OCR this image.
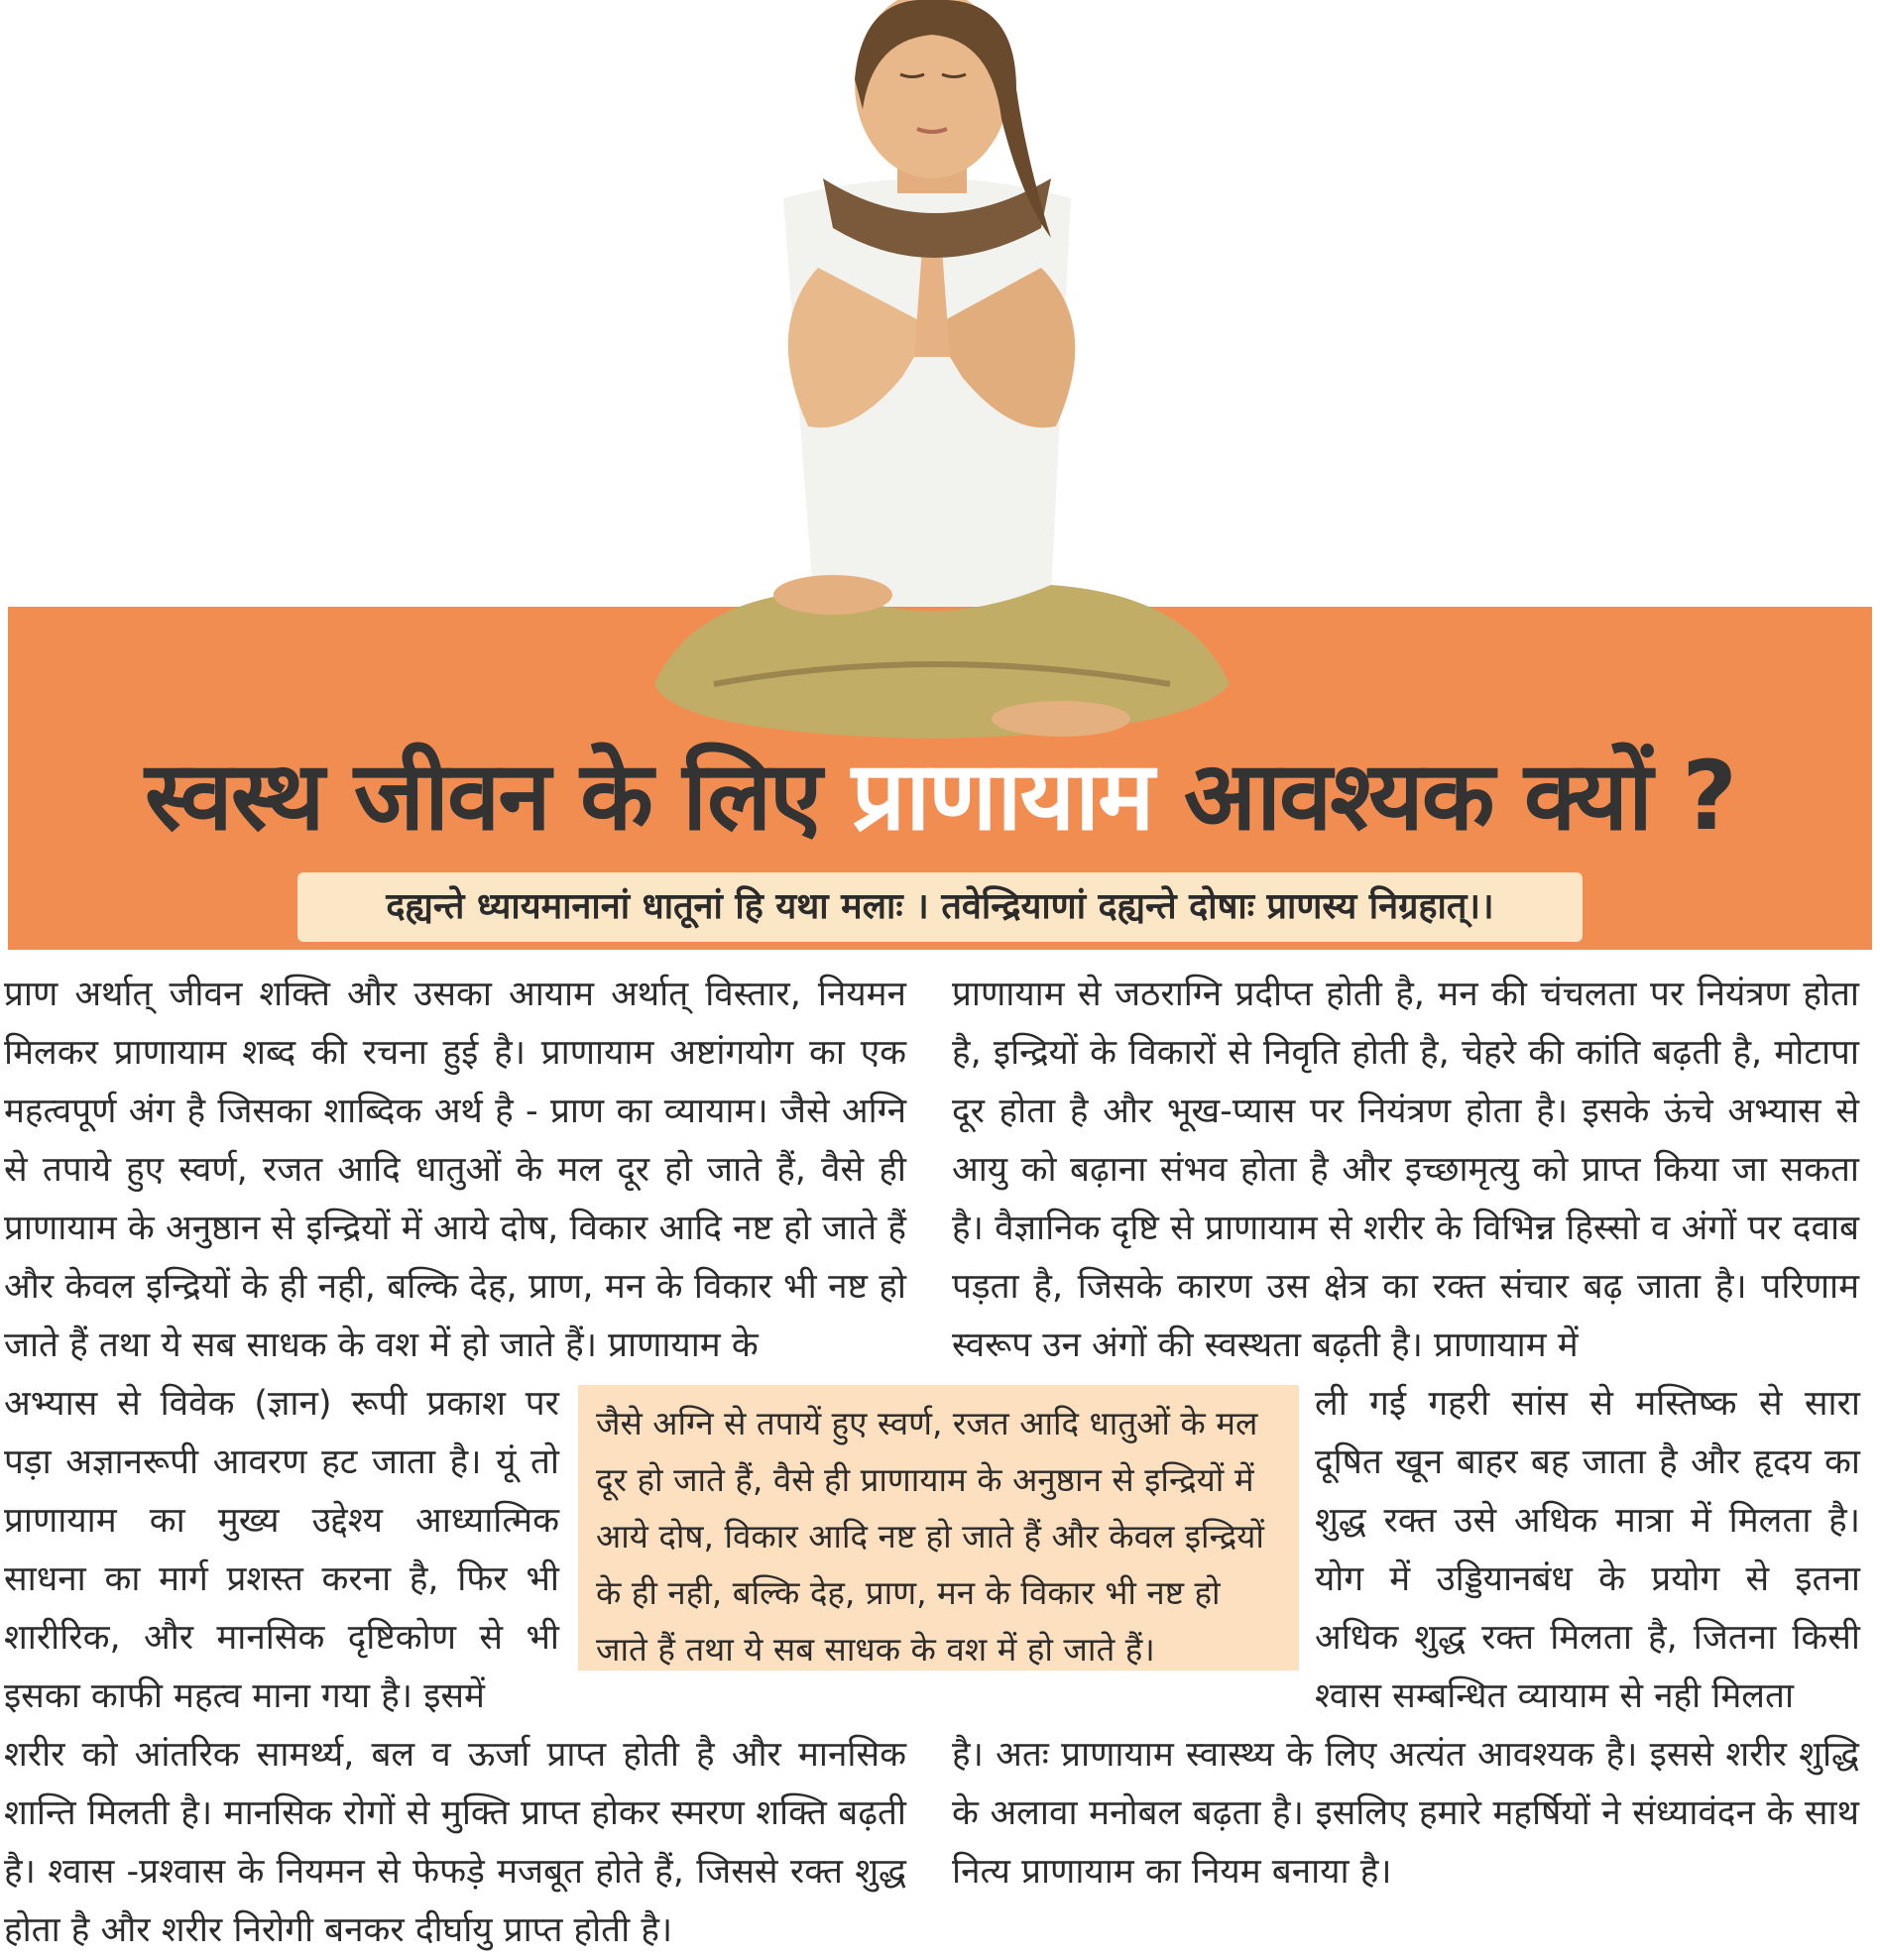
स्वस्थ जीवन के लिए प्राणायाम आवश्यक क्यों ?
दह्यन्ते ध्यायमानानां धातूनां हि यथा मलाः । तवेन्द्रियाणां दह्यन्ते दोषाः प्राणस्य निग्रहात्।।

प्राण अर्थात् जीवन शक्ति और उसका आयाम अर्थात् विस्तार, नियमन मिलकर प्राणायाम शब्द की रचना हुई है। प्राणायाम अष्टांगयोग का एक महत्वपूर्ण अंग है जिसका शाब्दिक अर्थ है - प्राण का व्यायाम। जैसे अग्नि से तपाये हुए स्वर्ण, रजत आदि धातुओं के मल दूर हो जाते हैं, वैसे ही प्राणायाम के अनुष्ठान से इन्द्रियों में आये दोष, विकार आदि नष्ट हो जाते हैं और केवल इन्द्रियों के ही नही, बल्कि देह, प्राण, मन के विकार भी नष्ट हो जाते हैं तथा ये सब साधक के वश में हो जाते हैं। प्राणायाम के

अभ्यास से विवेक (ज्ञान) रूपी प्रकाश पर पड़ा अज्ञानरूपी आवरण हट जाता है। यूं तो प्राणायाम का मुख्य उद्देश्य आध्यात्मिक साधना का मार्ग प्रशस्त करना है, फिर भी शारीरिक, और मानसिक दृष्टिकोण से भी इसका काफी महत्व माना गया है। इसमें

शरीर को आंतरिक सामर्थ्य, बल व ऊर्जा प्राप्त होती है और मानसिक शान्ति मिलती है। मानसिक रोगों से मुक्ति प्राप्त होकर स्मरण शक्ति बढ़ती है। श्वास -प्रश्वास के नियमन से फेफड़े मजबूत होते हैं, जिससे रक्त शुद्ध होता है और शरीर निरोगी बनकर दीर्घायु प्राप्त होती है।

प्राणायाम से जठराग्नि प्रदीप्त होती है, मन की चंचलता पर नियंत्रण होता है, इन्द्रियों के विकारों से निवृति होती है, चेहरे की कांति बढ़ती है, मोटापा दूर होता है और भूख-प्यास पर नियंत्रण होता है। इसके ऊंचे अभ्यास से आयु को बढ़ाना संभव होता है और इच्छामृत्यु को प्राप्त किया जा सकता है। वैज्ञानिक दृष्टि से प्राणायाम से शरीर के विभिन्न हिस्सो व अंगों पर दवाब पड़ता है, जिसके कारण उस क्षेत्र का रक्त संचार बढ़ जाता है। परिणाम स्वरूप उन अंगों की स्वस्थता बढ़ती है। प्राणायाम में

ली गई गहरी सांस से मस्तिष्क से सारा दूषित खून बाहर बह जाता है और हृदय का शुद्ध रक्त उसे अधिक मात्रा में मिलता है। योग में उड्डियानबंध के प्रयोग से इतना अधिक शुद्ध रक्त मिलता है, जितना किसी श्वास सम्बन्धित व्यायाम से नही मिलता

है। अतः प्राणायाम स्वास्थ्य के लिए अत्यंत आवश्यक है। इससे शरीर शुद्धि के अलावा मनोबल बढ़ता है। इसलिए हमारे महर्षियों ने संध्यावंदन के साथ नित्य प्राणायाम का नियम बनाया है।

जैसे अग्नि से तपायें हुए स्वर्ण, रजत आदि धातुओं के मल दूर हो जाते हैं, वैसे ही प्राणायाम के अनुष्ठान से इन्द्रियों में आये दोष, विकार आदि नष्ट हो जाते हैं और केवल इन्द्रियों के ही नही, बल्कि देह, प्राण, मन के विकार भी नष्ट हो जाते हैं तथा ये सब साधक के वश में हो जाते हैं।
